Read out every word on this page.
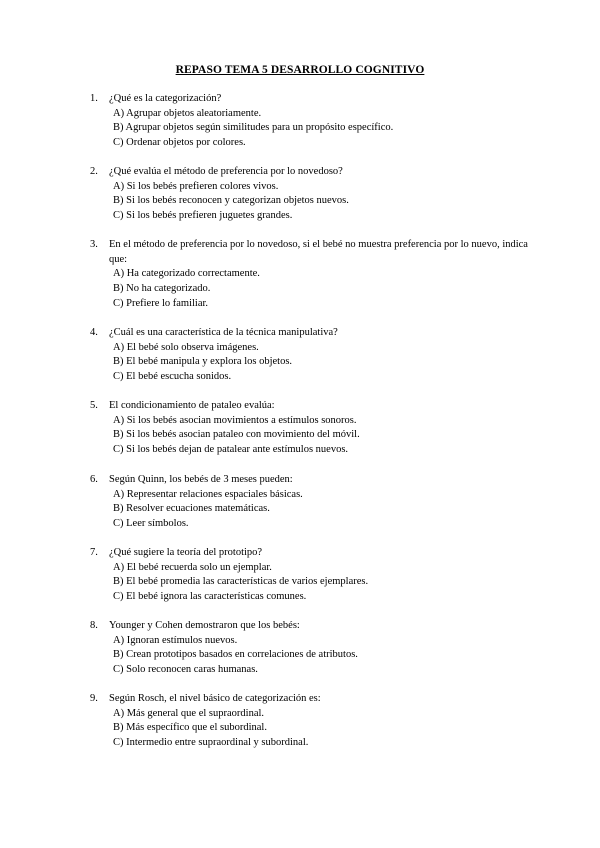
REPASO TEMA 5 DESARROLLO COGNITIVO
1.	¿Qué es la categorización?
A) Agrupar objetos aleatoriamente.
B) Agrupar objetos según similitudes para un propósito específico.
C) Ordenar objetos por colores.
2.	¿Qué evalúa el método de preferencia por lo novedoso?
A) Si los bebés prefieren colores vivos.
B) Si los bebés reconocen y categorizan objetos nuevos.
C) Si los bebés prefieren juguetes grandes.
3.	En el método de preferencia por lo novedoso, si el bebé no muestra preferencia por lo nuevo, indica que:
A) Ha categorizado correctamente.
B) No ha categorizado.
C) Prefiere lo familiar.
4.	¿Cuál es una característica de la técnica manipulativa?
A) El bebé solo observa imágenes.
B) El bebé manipula y explora los objetos.
C) El bebé escucha sonidos.
5.	El condicionamiento de pataleo evalúa:
A) Si los bebés asocian movimientos a estímulos sonoros.
B) Si los bebés asocian pataleo con movimiento del móvil.
C) Si los bebés dejan de patalear ante estímulos nuevos.
6.	Según Quinn, los bebés de 3 meses pueden:
A) Representar relaciones espaciales básicas.
B) Resolver ecuaciones matemáticas.
C) Leer símbolos.
7.	¿Qué sugiere la teoría del prototipo?
A) El bebé recuerda solo un ejemplar.
B) El bebé promedia las características de varios ejemplares.
C) El bebé ignora las características comunes.
8.	Younger y Cohen demostraron que los bebés:
A) Ignoran estímulos nuevos.
B) Crean prototipos basados en correlaciones de atributos.
C) Solo reconocen caras humanas.
9.	Según Rosch, el nivel básico de categorización es:
A) Más general que el supraordinal.
B) Más específico que el subordinal.
C) Intermedio entre supraordinal y subordinal.
